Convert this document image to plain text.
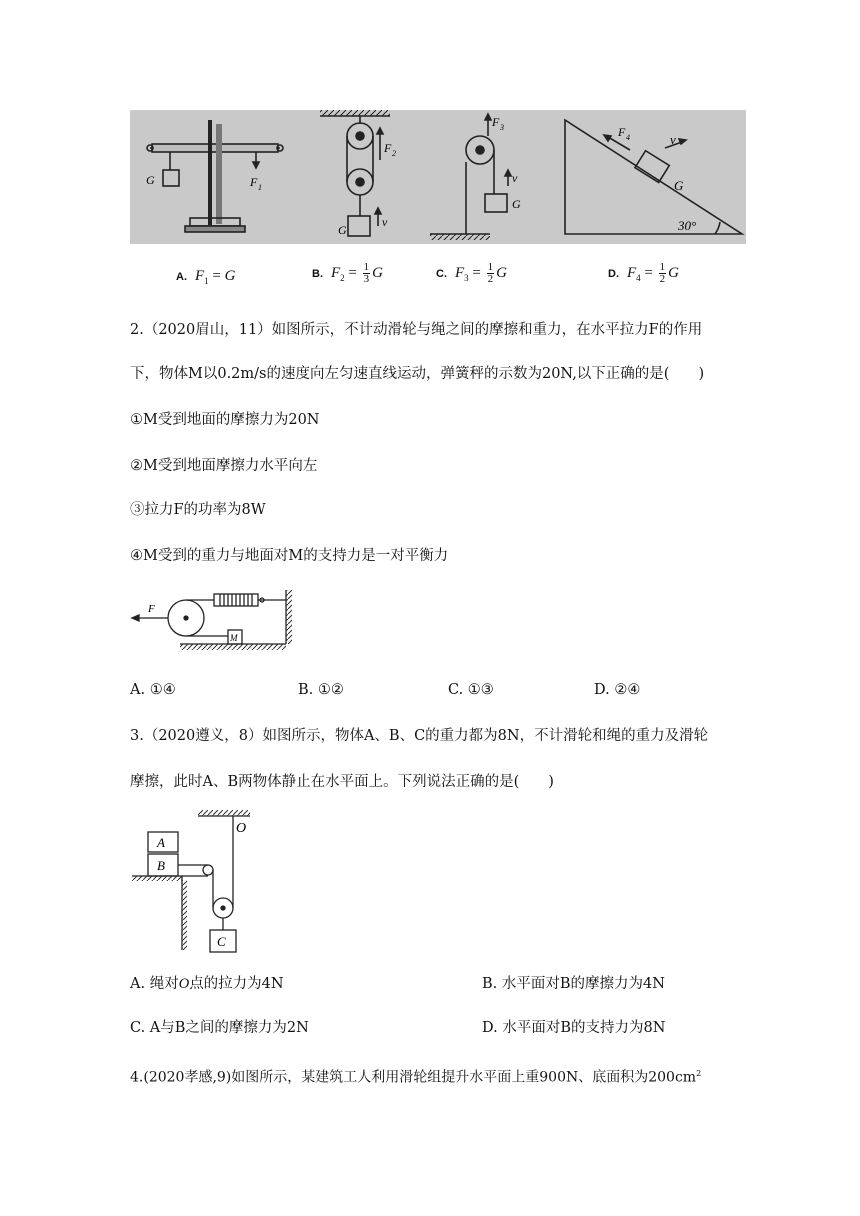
G	F 1
F 2
G
v
F 3
G
v
F 4	v
G
30°
A. $F_1 = G$	B. $F_2 = \frac{1}{3}$ G	C. $F_3 = \frac{1}{2}$ G	D. $F_4 = \frac{1}{2}$ G
2.（2020眉山，11）如图所示，不计动滑轮与绳之间的摩擦和重力，在水平拉力F的作用
下，物体M以0.2m/s的速度向左匀速直线运动，弹簧秤的示数为20N,以下正确的是(　　)
①M受到地面的摩擦力为20N
②M受到地面摩擦力水平向左
③拉力F的功率为8W
④M受到的重力与地面对M的支持力是一对平衡力
F
M
A. ①④	B. ①②	C. ①③	D. ②④
3.（2020遵义，8）如图所示，物体A、B、C的重力都为8N，不计滑轮和绳的重力及滑轮
摩擦，此时A、B两物体静止在水平面上。下列说法正确的是(　　)
O
A
B
C
A. 绳对O点的拉力为4N	B. 水平面对B的摩擦力为4N
C. A与B之间的摩擦力为2N	D. 水平面对B的支持力为8N
4.(2020孝感,9)如图所示，某建筑工人利用滑轮组提升水平面上重900N、底面积为$200cm^2$
